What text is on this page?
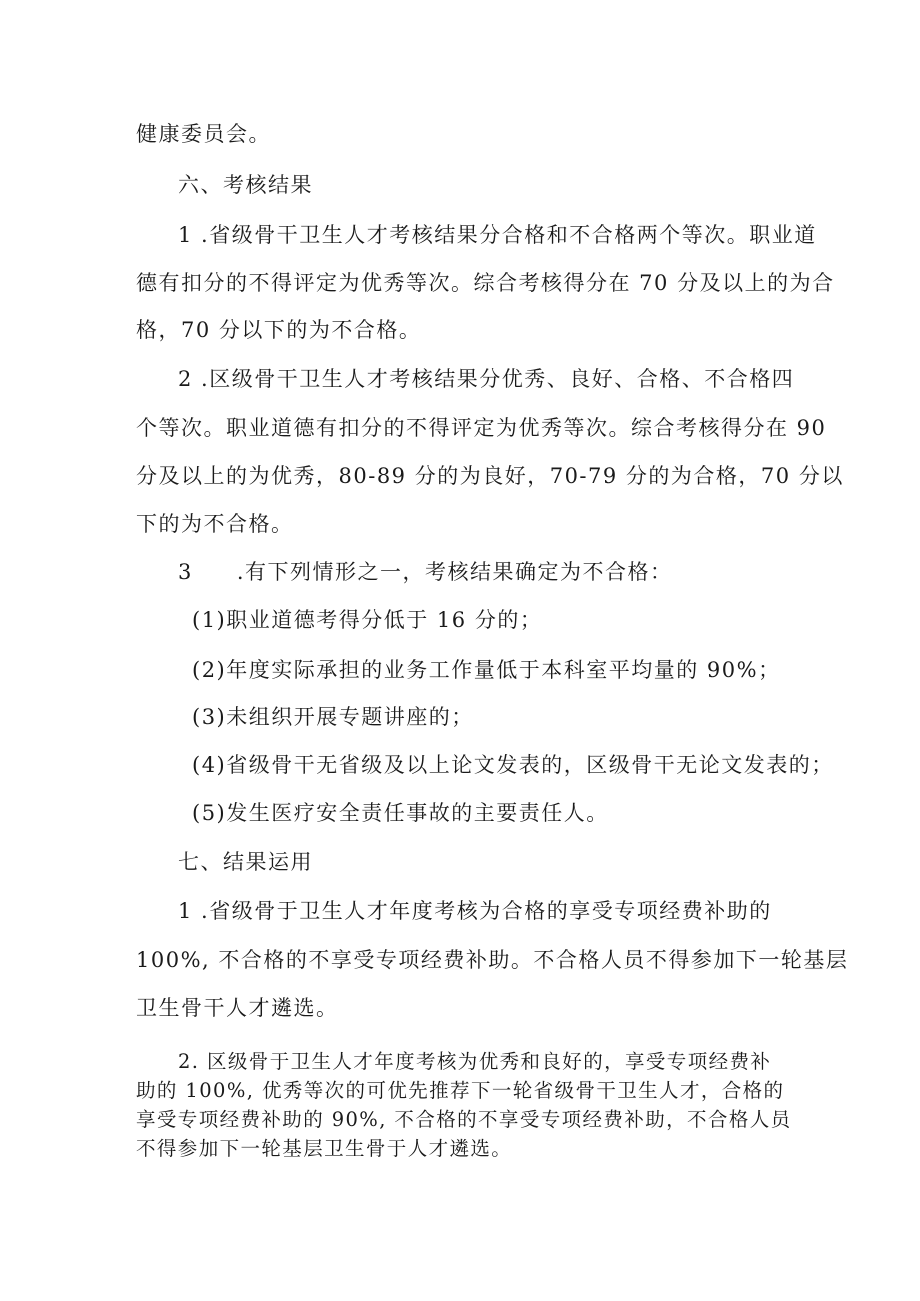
健康委员会。
六、考核结果
1 .省级骨干卫生人才考核结果分合格和不合格两个等次。职业道
德有扣分的不得评定为优秀等次。综合考核得分在 70 分及以上的为合
格，70 分以下的为不合格。
2 .区级骨干卫生人才考核结果分优秀、良好、合格、不合格四
个等次。职业道德有扣分的不得评定为优秀等次。综合考核得分在 90
分及以上的为优秀，80-89 分的为良好，70-79 分的为合格，70 分以
下的为不合格。
3 .有下列情形之一，考核结果确定为不合格：
(1)职业道德考得分低于 16 分的；
(2)年度实际承担的业务工作量低于本科室平均量的 90%；
(3)未组织开展专题讲座的；
(4)省级骨干无省级及以上论文发表的，区级骨干无论文发表的；
(5)发生医疗安全责任事故的主要责任人。
七、结果运用
1 .省级骨于卫生人才年度考核为合格的享受专项经费补助的
100%, 不合格的不享受专项经费补助。不合格人员不得参加下一轮基层
卫生骨干人才遴选。
2. 区级骨于卫生人才年度考核为优秀和良好的，享受专项经费补
助的 100%, 优秀等次的可优先推荐下一轮省级骨干卫生人才，合格的
享受专项经费补助的 90%, 不合格的不享受专项经费补助，不合格人员
不得参加下一轮基层卫生骨于人才遴选。
